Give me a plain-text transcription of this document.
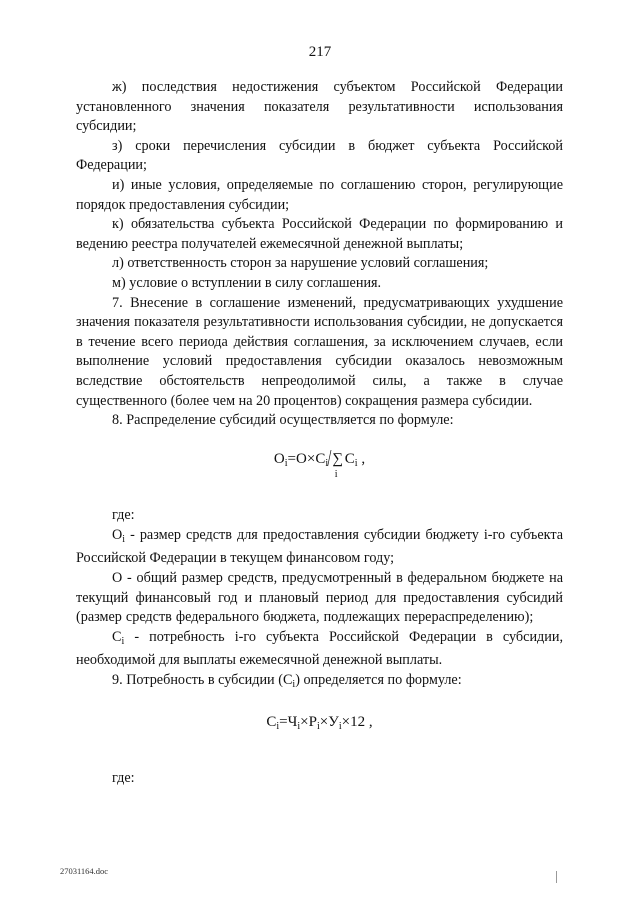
217

ж) последствия недостижения субъектом Российской Федерации установленного значения показателя результативности использования субсидии;

з) сроки перечисления субсидии в бюджет субъекта Российской Федерации;

и) иные условия, определяемые по соглашению сторон, регулирующие порядок предоставления субсидии;

к) обязательства субъекта Российской Федерации по формированию и ведению реестра получателей ежемесячной денежной выплаты;

л) ответственность сторон за нарушение условий соглашения;

м) условие о вступлении в силу соглашения.

7. Внесение в соглашение изменений, предусматривающих ухудшение значения показателя результативности использования субсидии, не допускается в течение всего периода действия соглашения, за исключением случаев, если выполнение условий предоставления субсидии оказалось невозможным вследствие обстоятельств непреодолимой силы, а также в случае существенного (более чем на 20 процентов) сокращения размера субсидии.

8. Распределение субсидий осуществляется по формуле:

$O_i=O\times C_i/\sum$
i
$C_i$ ,

где:

$O_i$ - размер средств для предоставления субсидии бюджету i-го субъекта Российской Федерации в текущем финансовом году;

О - общий размер средств, предусмотренный в федеральном бюджете на текущий финансовый год и плановый период для предоставления субсидий (размер средств федерального бюджета, подлежащих перераспределению);

$C_i$ - потребность i-го субъекта Российской Федерации в субсидии, необходимой для выплаты ежемесячной денежной выплаты.

9. Потребность в субсидии $(C_i)$ определяется по формуле:

$C_i=Ч_i\times P_i\times У_i\times 12$ ,

где:

27031164.doc
